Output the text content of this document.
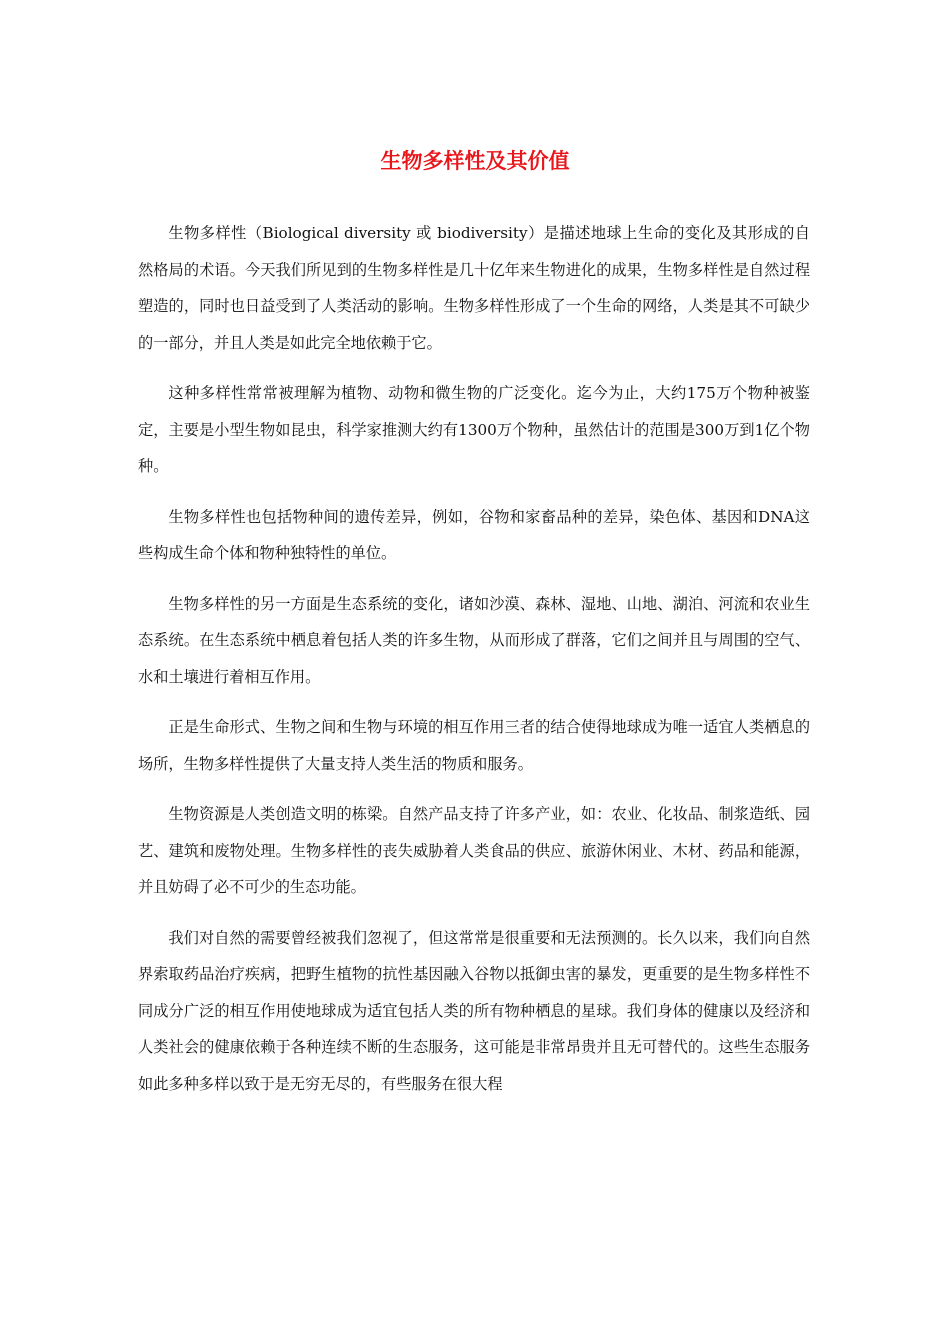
生物多样性及其价值

生物多样性（Biological diversity 或 biodiversity）是描述地球上生命的变化及其形成的自然格局的术语。今天我们所见到的生物多样性是几十亿年来生物进化的成果，生物多样性是自然过程塑造的，同时也日益受到了人类活动的影响。生物多样性形成了一个生命的网络，人类是其不可缺少的一部分，并且人类是如此完全地依赖于它。

这种多样性常常被理解为植物、动物和微生物的广泛变化。迄今为止，大约175万个物种被鉴定，主要是小型生物如昆虫，科学家推测大约有1300万个物种，虽然估计的范围是300万到1亿个物种。

生物多样性也包括物种间的遗传差异，例如，谷物和家畜品种的差异，染色体、基因和DNA这些构成生命个体和物种独特性的单位。

生物多样性的另一方面是生态系统的变化，诸如沙漠、森林、湿地、山地、湖泊、河流和农业生态系统。在生态系统中栖息着包括人类的许多生物，从而形成了群落，它们之间并且与周围的空气、水和土壤进行着相互作用。

正是生命形式、生物之间和生物与环境的相互作用三者的结合使得地球成为唯一适宜人类栖息的场所，生物多样性提供了大量支持人类生活的物质和服务。

生物资源是人类创造文明的栋梁。自然产品支持了许多产业，如：农业、化妆品、制浆造纸、园艺、建筑和废物处理。生物多样性的丧失威胁着人类食品的供应、旅游休闲业、木材、药品和能源，并且妨碍了必不可少的生态功能。

我们对自然的需要曾经被我们忽视了，但这常常是很重要和无法预测的。长久以来，我们向自然界索取药品治疗疾病，把野生植物的抗性基因融入谷物以抵御虫害的暴发，更重要的是生物多样性不同成分广泛的相互作用使地球成为适宜包括人类的所有物种栖息的星球。我们身体的健康以及经济和人类社会的健康依赖于各种连续不断的生态服务，这可能是非常昂贵并且无可替代的。这些生态服务如此多种多样以致于是无穷无尽的，有些服务在很大程
